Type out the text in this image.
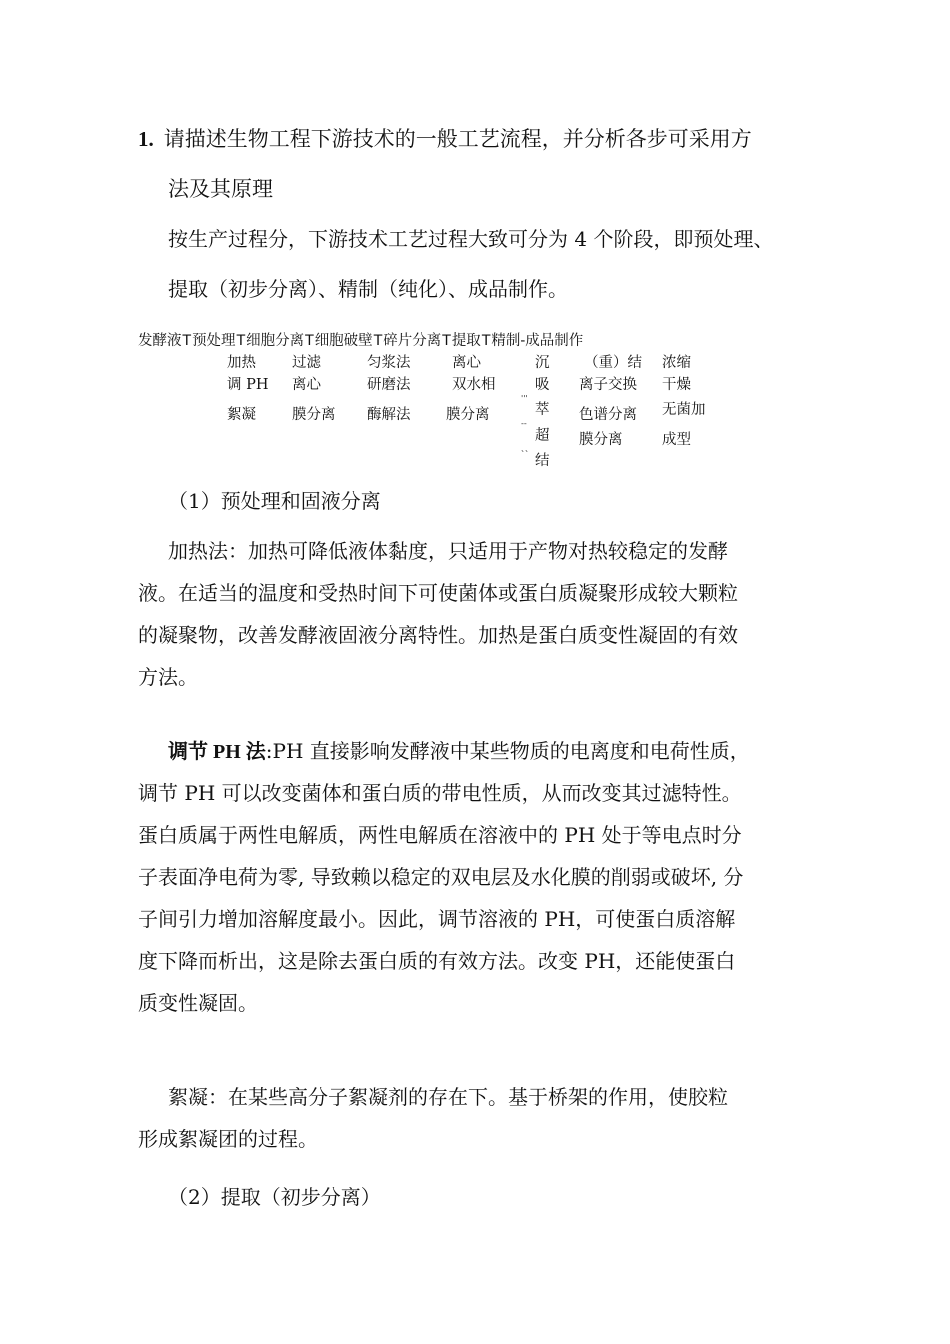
1. 请描述生物工程下游技术的一般工艺流程，并分析各步可采用方
法及其原理
按生产过程分，下游技术工艺过程大致可分为 4 个阶段，即预处理、
提取（初步分离）、精制（纯化）、成品制作。
发酵液T预处理T细胞分离T细胞破壁T碎片分离T提取T精制-成品制作
加热
调 PH
絮凝
过滤
离心
膜分离
匀浆法
研磨法
酶解法
离心
双水相
膜分离
沉
吸
萃
超
结
'''
--
、、
（重）结
离子交换
色谱分离
膜分离
浓缩
干燥
无菌加
成型
（1）预处理和固液分离
加热法：加热可降低液体黏度，只适用于产物对热较稳定的发酵
液。在适当的温度和受热时间下可使菌体或蛋白质凝聚形成较大颗粒
的凝聚物，改善发酵液固液分离特性。加热是蛋白质变性凝固的有效
方法。
调节 PH 法:PH 直接影响发酵液中某些物质的电离度和电荷性质，
调节 PH 可以改变菌体和蛋白质的带电性质，从而改变其过滤特性。
蛋白质属于两性电解质，两性电解质在溶液中的 PH 处于等电点时分
子表面净电荷为零, 导致赖以稳定的双电层及水化膜的削弱或破坏, 分
子间引力增加溶解度最小。因此，调节溶液的 PH，可使蛋白质溶解
度下降而析出，这是除去蛋白质的有效方法。改变 PH，还能使蛋白
质变性凝固。
絮凝：在某些高分子絮凝剂的存在下。基于桥架的作用，使胶粒
形成絮凝团的过程。
（2）提取（初步分离）
